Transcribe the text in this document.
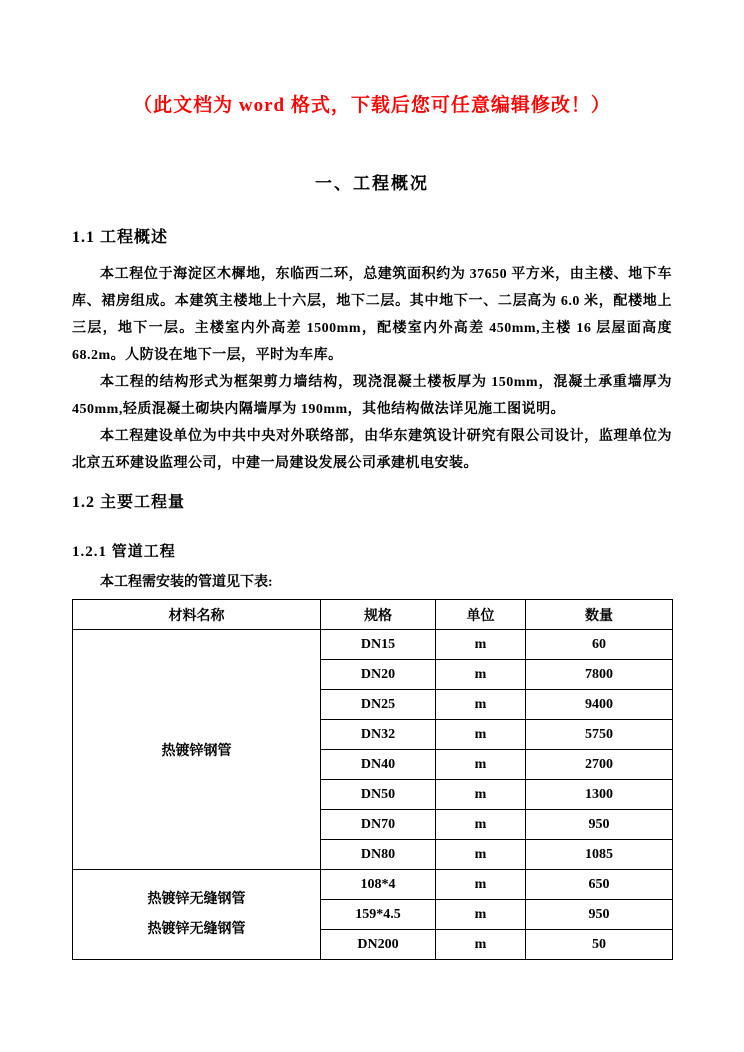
（此文档为 word 格式，下载后您可任意编辑修改！）
一、工程概况
1.1 工程概述

本工程位于海淀区木樨地，东临西二环，总建筑面积约为 37650 平方米，由主楼、地下车库、裙房组成。本建筑主楼地上十六层，地下二层。其中地下一、二层高为 6.0 米，配楼地上三层，地下一层。主楼室内外高差 1500mm，配楼室内外高差 450mm,主楼 16 层屋面高度68.2m。人防设在地下一层，平时为车库。

本工程的结构形式为框架剪力墙结构，现浇混凝土楼板厚为 150mm，混凝土承重墙厚为450mm,轻质混凝土砌块内隔墙厚为 190mm，其他结构做法详见施工图说明。

本工程建设单位为中共中央对外联络部，由华东建筑设计研究有限公司设计，监理单位为北京五环建设监理公司，中建一局建设发展公司承建机电安装。

1.2 主要工程量
1.2.1 管道工程

本工程需安装的管道见下表:

材料名称	规格	单位	数量
热镀锌钢管	DN15	m	60
	DN20	m	7800
	DN25	m	9400
	DN32	m	5750
	DN40	m	2700
	DN50	m	1300
	DN70	m	950
	DN80	m	1085

热镀锌无缝钢管
热镀锌无缝钢管	108*4	m	650
	159*4.5	m	950
	DN200	m	50
